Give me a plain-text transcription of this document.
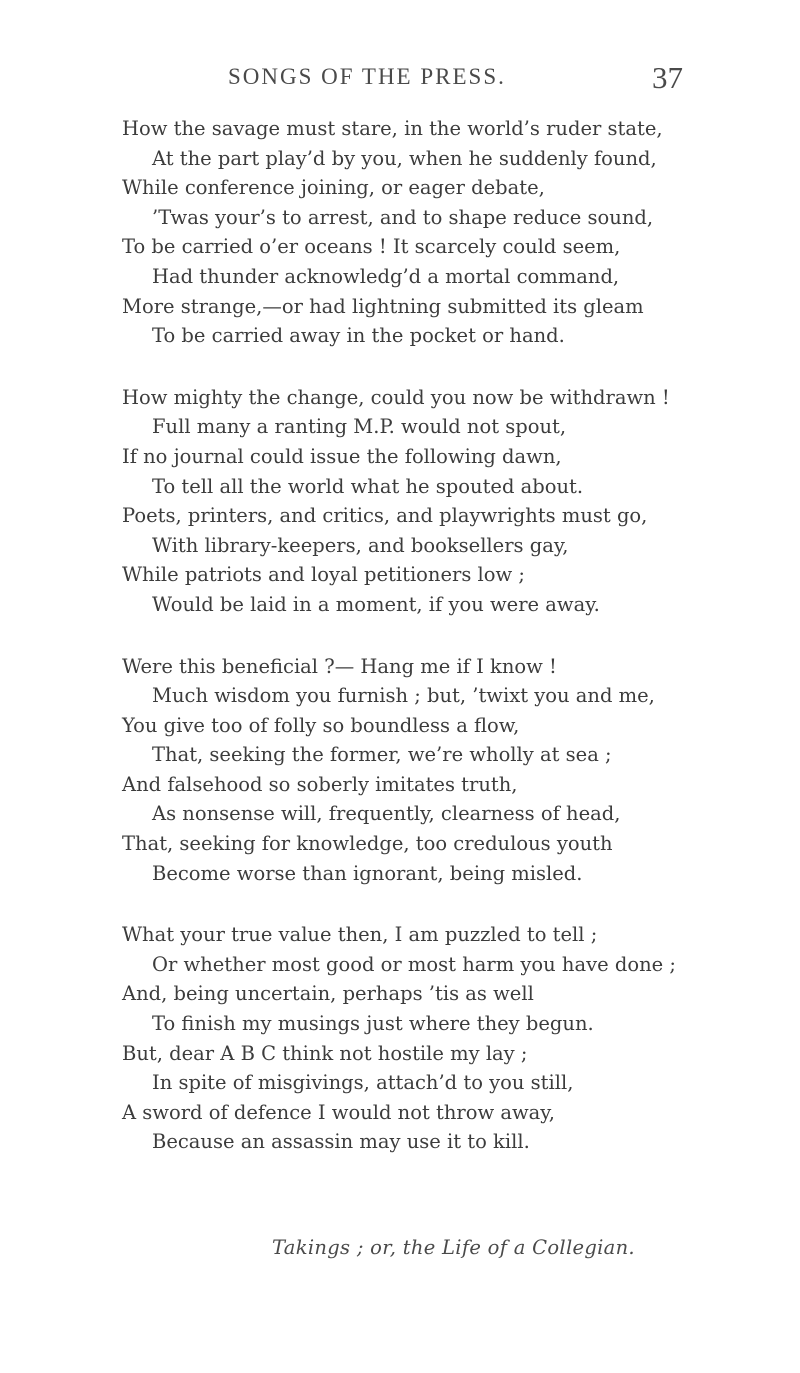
SONGS OF THE PRESS.	37
How the savage must stare, in the world’s ruder state,
At the part play’d by you, when he suddenly found,
While conference joining, or eager debate,
’Twas your’s to arrest, and to shape reduce sound,
To be carried o’er oceans ! It scarcely could seem,
Had thunder acknowledg’d a mortal command,
More strange,—or had lightning submitted its gleam
To be carried away in the pocket or hand.
How mighty the change, could you now be withdrawn !
Full many a ranting M.P. would not spout,
If no journal could issue the following dawn,
To tell all the world what he spouted about.
Poets, printers, and critics, and playwrights must go,
With library-keepers, and booksellers gay,
While patriots and loyal petitioners low ;
Would be laid in a moment, if you were away.
Were this beneficial ?— Hang me if I know !
Much wisdom you furnish ; but, ’twixt you and me,
You give too of folly so boundless a flow,
That, seeking the former, we’re wholly at sea ;
And falsehood so soberly imitates truth,
As nonsense will, frequently, clearness of head,
That, seeking for knowledge, too credulous youth
Become worse than ignorant, being misled.
What your true value then, I am puzzled to tell ;
Or whether most good or most harm you have done ;
And, being uncertain, perhaps ’tis as well
To finish my musings just where they begun.
But, dear A B C think not hostile my lay ;
In spite of misgivings, attach’d to you still,
A sword of defence I would not throw away,
Because an assassin may use it to kill.
Takings ; or, the Life of a Collegian.
